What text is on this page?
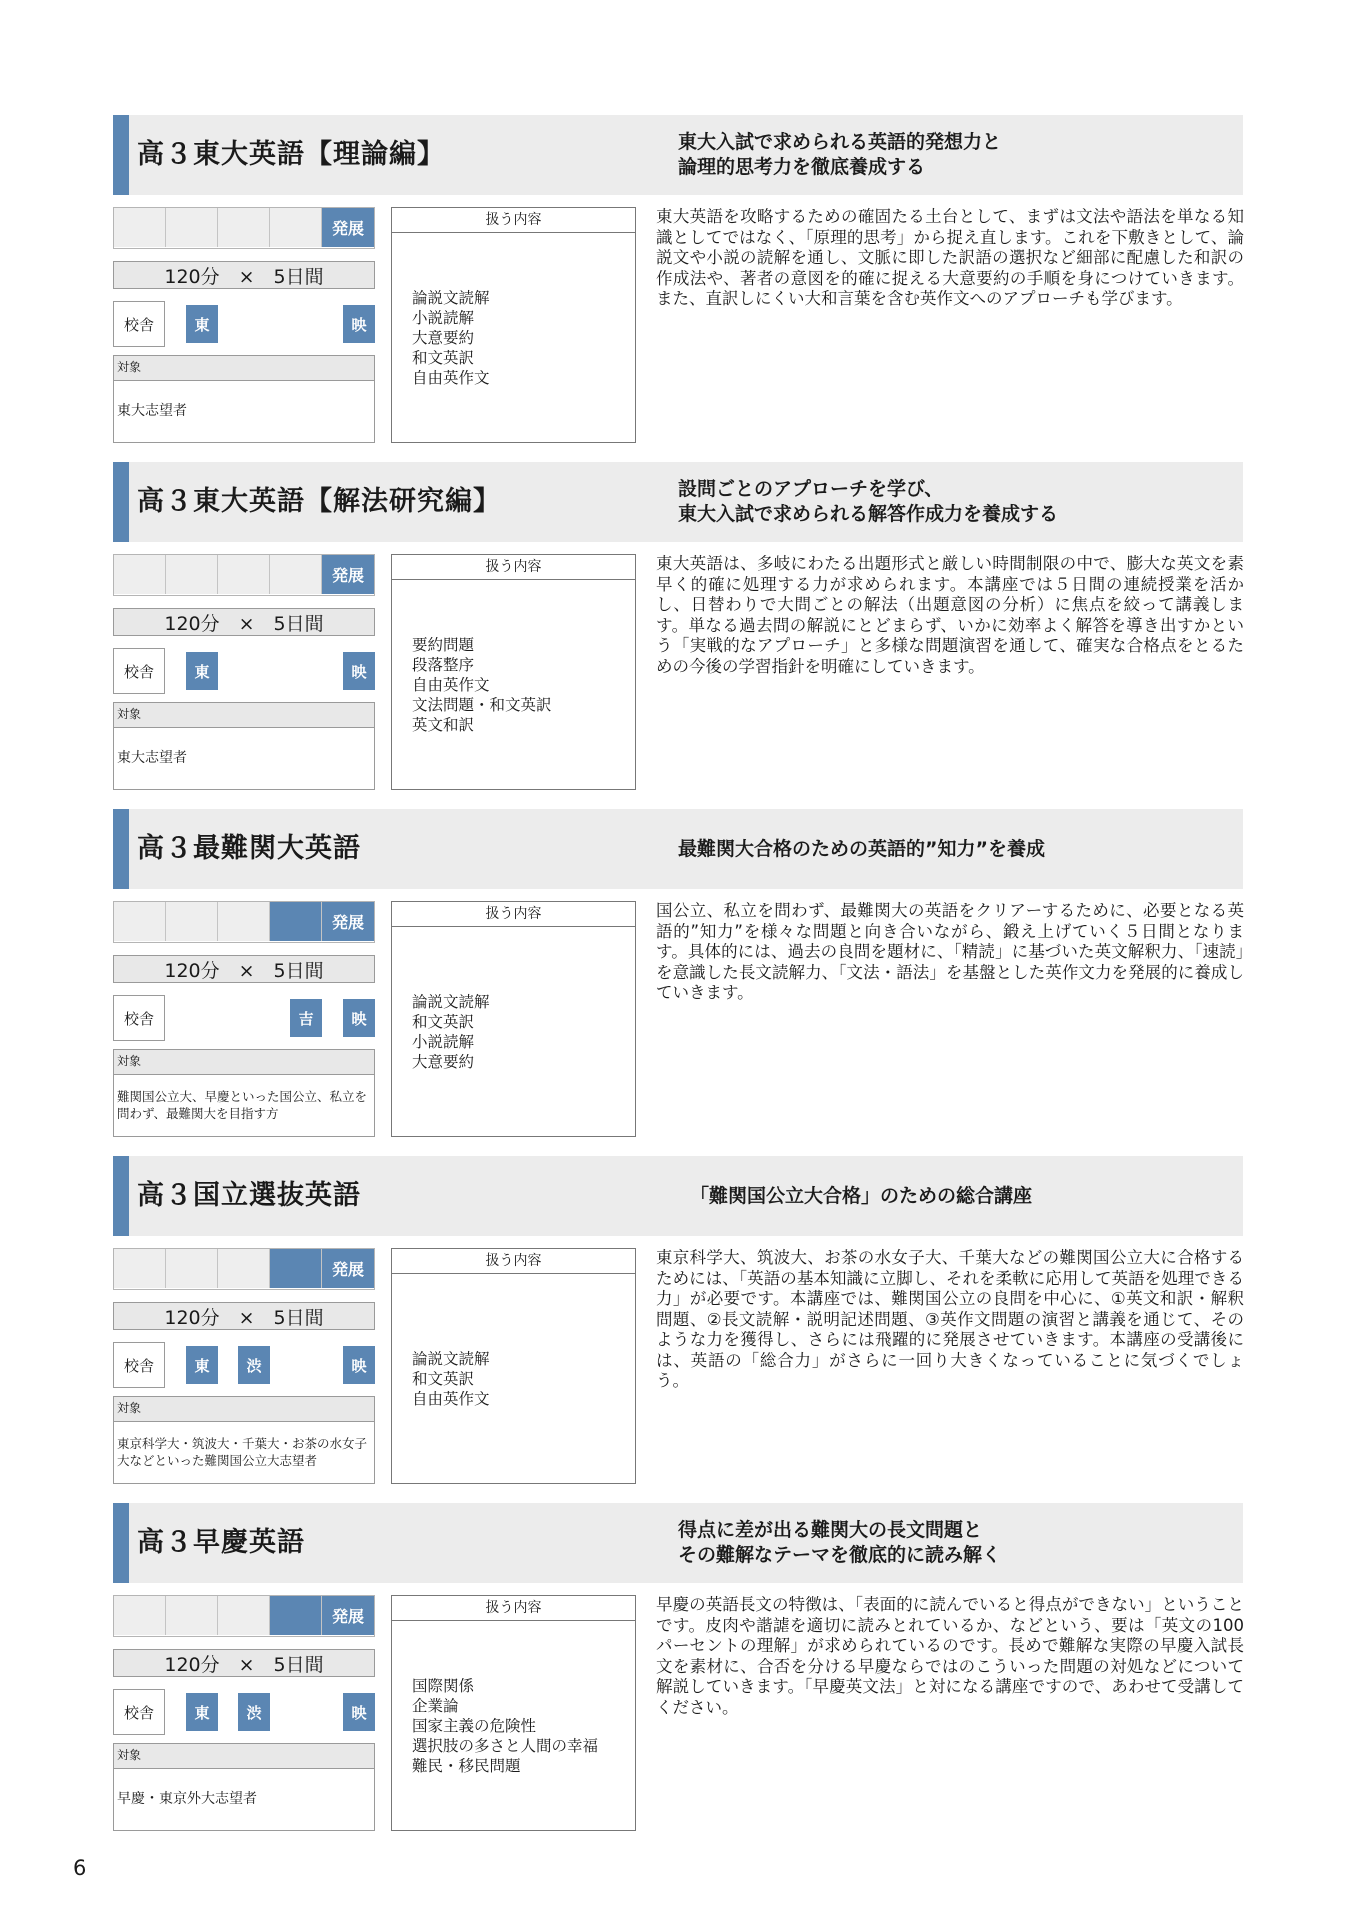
高３東大英語【理論編】	東大入試で求められる英語的発想力と
論理的思考力を徹底養成する
発展
120分　×　5日間
校舎	東	映
対象
東大志望者
扱う内容
論説文読解
小説読解
大意要約
和文英訳
自由英作文

東大英語を攻略するための確固たる土台として、まずは文法や語法を単なる知識としてではなく、「原理的思考」から捉え直します。これを下敷きとして、論説文や小説の読解を通し、文脈に即した訳語の選択など細部に配慮した和訳の作成法や、著者の意図を的確に捉える大意要約の手順を身につけていきます。また、直訳しにくい大和言葉を含む英作文へのアプローチも学びます。

高３東大英語【解法研究編】	設問ごとのアプローチを学び、
東大入試で求められる解答作成力を養成する
発展
120分　×　5日間
校舎	東	映
対象
東大志望者
扱う内容
要約問題
段落整序
自由英作文
文法問題・和文英訳
英文和訳

東大英語は、多岐にわたる出題形式と厳しい時間制限の中で、膨大な英文を素早く的確に処理する力が求められます。本講座では５日間の連続授業を活かし、日替わりで大問ごとの解法（出題意図の分析）に焦点を絞って講義します。単なる過去問の解説にとどまらず、いかに効率よく解答を導き出すかという「実戦的なアプローチ」と多様な問題演習を通して、確実な合格点をとるための今後の学習指針を明確にしていきます。

高３最難関大英語	最難関大合格のための英語的”知力”を養成
発展
120分　×　5日間
校舎	吉	映
対象
難関国公立大、早慶といった国公立、私立を問わず、最難関大を目指す方
扱う内容
論説文読解
和文英訳
小説読解
大意要約

国公立、私立を問わず、最難関大の英語をクリアーするために、必要となる英語的”知力”を様々な問題と向き合いながら、鍛え上げていく５日間となります。具体的には、過去の良問を題材に、「精読」に基づいた英文解釈力、「速読」を意識した長文読解力、「文法・語法」を基盤とした英作文力を発展的に養成していきます。

高３国立選抜英語	「難関国公立大合格」のための総合講座
発展
120分　×　5日間
校舎	東	渋	映
対象
東京科学大・筑波大・千葉大・お茶の水女子大などといった難関国公立大志望者
扱う内容
論説文読解
和文英訳
自由英作文

東京科学大、筑波大、お茶の水女子大、千葉大などの難関国公立大に合格するためには、「英語の基本知識に立脚し、それを柔軟に応用して英語を処理できる力」が必要です。本講座では、難関国公立の良問を中心に、①英文和訳・解釈問題、②長文読解・説明記述問題、③英作文問題の演習と講義を通じて、そのような力を獲得し、さらには飛躍的に発展させていきます。本講座の受講後には、英語の「総合力」がさらに一回り大きくなっていることに気づくでしょう。

高３早慶英語	得点に差が出る難関大の長文問題と
その難解なテーマを徹底的に読み解く
発展
120分　×　5日間
校舎	東	渋	映
対象
早慶・東京外大志望者
扱う内容
国際関係
企業論
国家主義の危険性
選択肢の多さと人間の幸福
難民・移民問題

早慶の英語長文の特徴は、「表面的に読んでいると得点ができない」ということです。皮肉や諧謔を適切に読みとれているか、などという、要は「英文の100パーセントの理解」が求められているのです。長めで難解な実際の早慶入試長文を素材に、合否を分ける早慶ならではのこういった問題の対処などについて解説していきます。「早慶英文法」と対になる講座ですので、あわせて受講してください。

6
